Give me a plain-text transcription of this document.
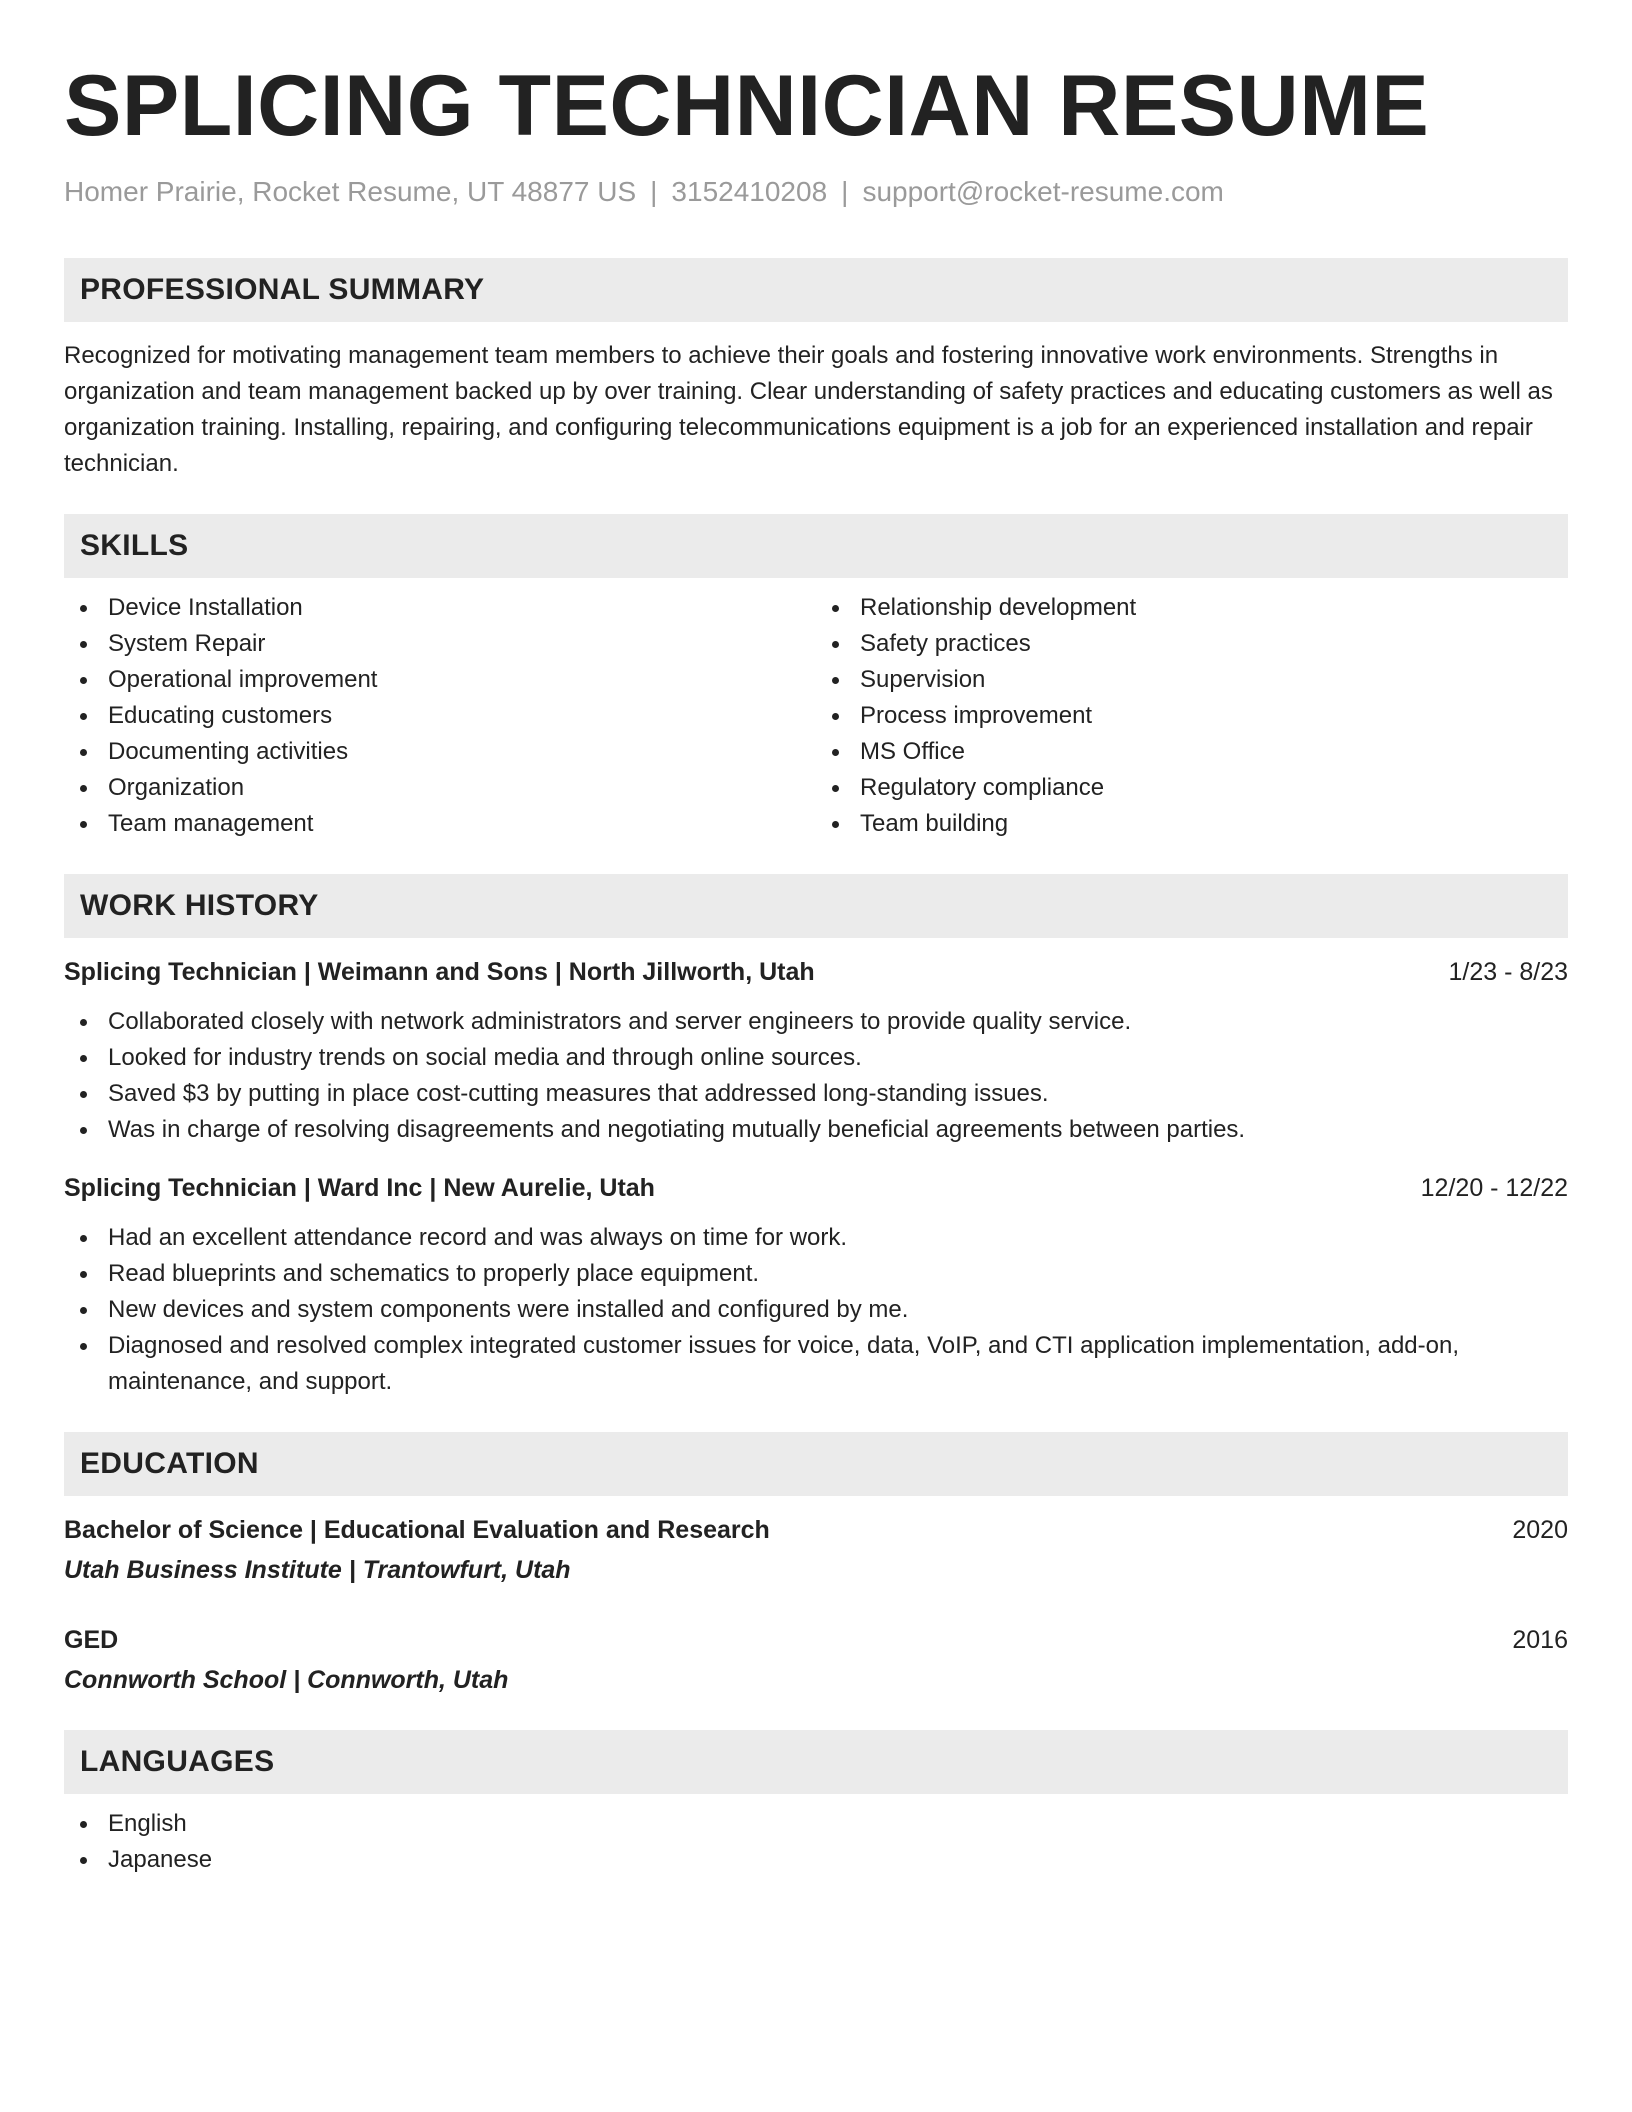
SPLICING TECHNICIAN RESUME
Homer Prairie, Rocket Resume, UT 48877 US | 3152410208 | support@rocket-resume.com
PROFESSIONAL SUMMARY

Recognized for motivating management team members to achieve their goals and fostering innovative work environments. Strengths in organization and team management backed up by over training. Clear understanding of safety practices and educating customers as well as organization training. Installing, repairing, and configuring telecommunications equipment is a job for an experienced installation and repair technician.

SKILLS
Device Installation
System Repair
Operational improvement
Educating customers
Documenting activities
Organization
Team management
Relationship development
Safety practices
Supervision
Process improvement
MS Office
Regulatory compliance
Team building
WORK HISTORY
Splicing Technician | Weimann and Sons | North Jillworth, Utah	1/23 - 8/23
Collaborated closely with network administrators and server engineers to provide quality service.
Looked for industry trends on social media and through online sources.
Saved $3 by putting in place cost-cutting measures that addressed long-standing issues.
Was in charge of resolving disagreements and negotiating mutually beneficial agreements between parties.
Splicing Technician | Ward Inc | New Aurelie, Utah	12/20 - 12/22
Had an excellent attendance record and was always on time for work.
Read blueprints and schematics to properly place equipment.
New devices and system components were installed and configured by me.
Diagnosed and resolved complex integrated customer issues for voice, data, VoIP, and CTI application implementation, add-on, maintenance, and support.
EDUCATION
Bachelor of Science | Educational Evaluation and Research	2020
Utah Business Institute | Trantowfurt, Utah
GED	2016
Connworth School | Connworth, Utah
LANGUAGES
English
Japanese
